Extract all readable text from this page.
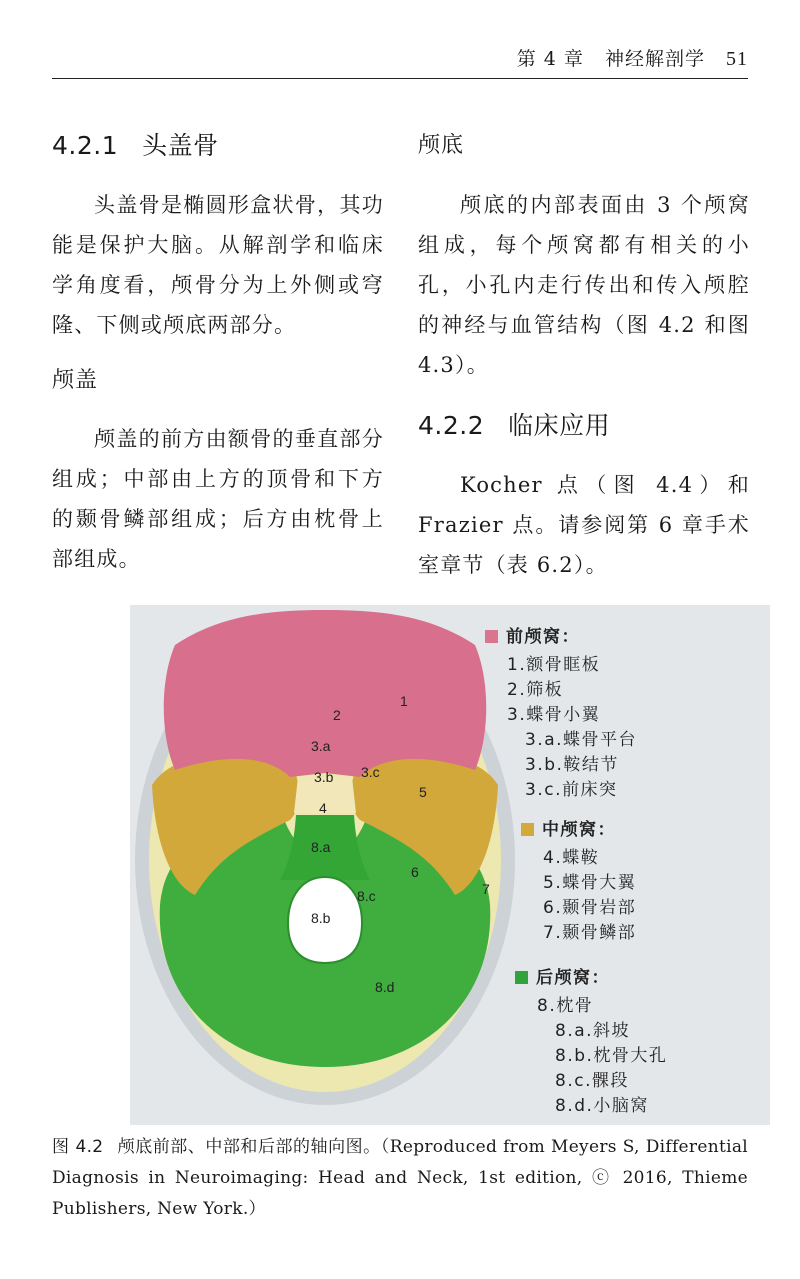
第 4 章 神经解剖学 51
4.2.1 头盖骨

头盖骨是椭圆形盒状骨，其功能是保护大脑。从解剖学和临床学角度看，颅骨分为上外侧或穹隆、下侧或颅底两部分。

颅盖

颅盖的前方由额骨的垂直部分组成；中部由上方的顶骨和下方的颞骨鳞部组成；后方由枕骨上部组成。

颅底

颅底的内部表面由 3 个颅窝组成，每个颅窝都有相关的小孔，小孔内走行传出和传入颅腔的神经与血管结构（图 4.2 和图 4.3）。

4.2.2 临床应用

Kocher 点（图 4.4）和 Frazier 点。请参阅第 6 章手术室章节（表 6.2）。

1
2
3.a
3.b 3.c
4
5
6
7
8.a
8.b
8.c
8.d
前颅窝：
1.额骨眶板
2.筛板
3.蝶骨小翼
3.a.蝶骨平台
3.b.鞍结节
3.c.前床突
中颅窝：
4.蝶鞍
5.蝶骨大翼
6.颞骨岩部
7.颞骨鳞部
后颅窝：
8.枕骨
8.a.斜坡
8.b.枕骨大孔
8.c.髁段
8.d.小脑窝
图 4.2 颅底前部、中部和后部的轴向图。（Reproduced from Meyers S, Differential Diagnosis in Neuroimaging: Head and Neck, 1st edition, ⓒ 2016, Thieme Publishers, New York.）
